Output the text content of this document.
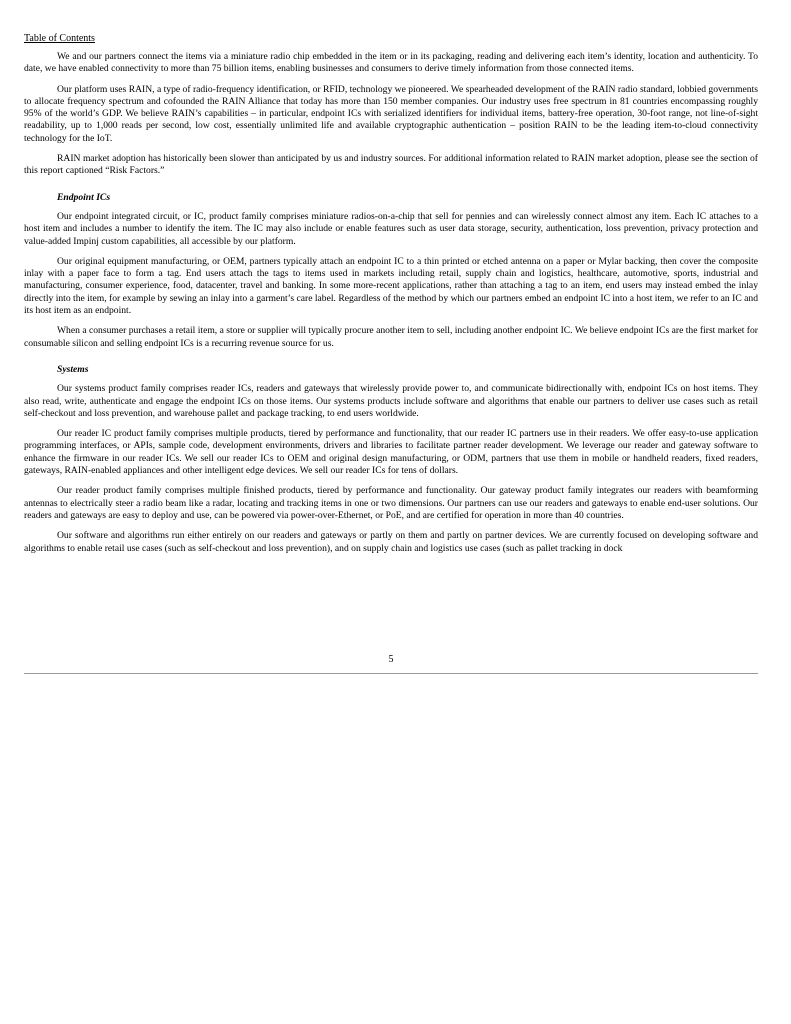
Table of Contents

We and our partners connect the items via a miniature radio chip embedded in the item or in its packaging, reading and delivering each item’s identity, location and authenticity. To date, we have enabled connectivity to more than 75 billion items, enabling businesses and consumers to derive timely information from those connected items.

Our platform uses RAIN, a type of radio-frequency identification, or RFID, technology we pioneered. We spearheaded development of the RAIN radio standard, lobbied governments to allocate frequency spectrum and cofounded the RAIN Alliance that today has more than 150 member companies. Our industry uses free spectrum in 81 countries encompassing roughly 95% of the world’s GDP. We believe RAIN’s capabilities – in particular, endpoint ICs with serialized identifiers for individual items, battery-free operation, 30-foot range, not line-of-sight readability, up to 1,000 reads per second, low cost, essentially unlimited life and available cryptographic authentication – position RAIN to be the leading item-to-cloud connectivity technology for the IoT.

RAIN market adoption has historically been slower than anticipated by us and industry sources. For additional information related to RAIN market adoption, please see the section of this report captioned “Risk Factors.”

Endpoint ICs

Our endpoint integrated circuit, or IC, product family comprises miniature radios-on-a-chip that sell for pennies and can wirelessly connect almost any item. Each IC attaches to a host item and includes a number to identify the item. The IC may also include or enable features such as user data storage, security, authentication, loss prevention, privacy protection and value-added Impinj custom capabilities, all accessible by our platform.

Our original equipment manufacturing, or OEM, partners typically attach an endpoint IC to a thin printed or etched antenna on a paper or Mylar backing, then cover the composite inlay with a paper face to form a tag. End users attach the tags to items used in markets including retail, supply chain and logistics, healthcare, automotive, sports, industrial and manufacturing, consumer experience, food, datacenter, travel and banking. In some more-recent applications, rather than attaching a tag to an item, end users may instead embed the inlay directly into the item, for example by sewing an inlay into a garment’s care label. Regardless of the method by which our partners embed an endpoint IC into a host item, we refer to an IC and its host item as an endpoint.

When a consumer purchases a retail item, a store or supplier will typically procure another item to sell, including another endpoint IC. We believe endpoint ICs are the first market for consumable silicon and selling endpoint ICs is a recurring revenue source for us.

Systems

Our systems product family comprises reader ICs, readers and gateways that wirelessly provide power to, and communicate bidirectionally with, endpoint ICs on host items. They also read, write, authenticate and engage the endpoint ICs on those items. Our systems products include software and algorithms that enable our partners to deliver use cases such as retail self-checkout and loss prevention, and warehouse pallet and package tracking, to end users worldwide.

Our reader IC product family comprises multiple products, tiered by performance and functionality, that our reader IC partners use in their readers. We offer easy-to-use application programming interfaces, or APIs, sample code, development environments, drivers and libraries to facilitate partner reader development. We leverage our reader and gateway software to enhance the firmware in our reader ICs. We sell our reader ICs to OEM and original design manufacturing, or ODM, partners that use them in mobile or handheld readers, fixed readers, gateways, RAIN-enabled appliances and other intelligent edge devices. We sell our reader ICs for tens of dollars.

Our reader product family comprises multiple finished products, tiered by performance and functionality. Our gateway product family integrates our readers with beamforming antennas to electrically steer a radio beam like a radar, locating and tracking items in one or two dimensions. Our partners can use our readers and gateways to enable end-user solutions. Our readers and gateways are easy to deploy and use, can be powered via power-over-Ethernet, or PoE, and are certified for operation in more than 40 countries.

Our software and algorithms run either entirely on our readers and gateways or partly on them and partly on partner devices. We are currently focused on developing software and algorithms to enable retail use cases (such as self-checkout and loss prevention), and on supply chain and logistics use cases (such as pallet tracking in dock

5
